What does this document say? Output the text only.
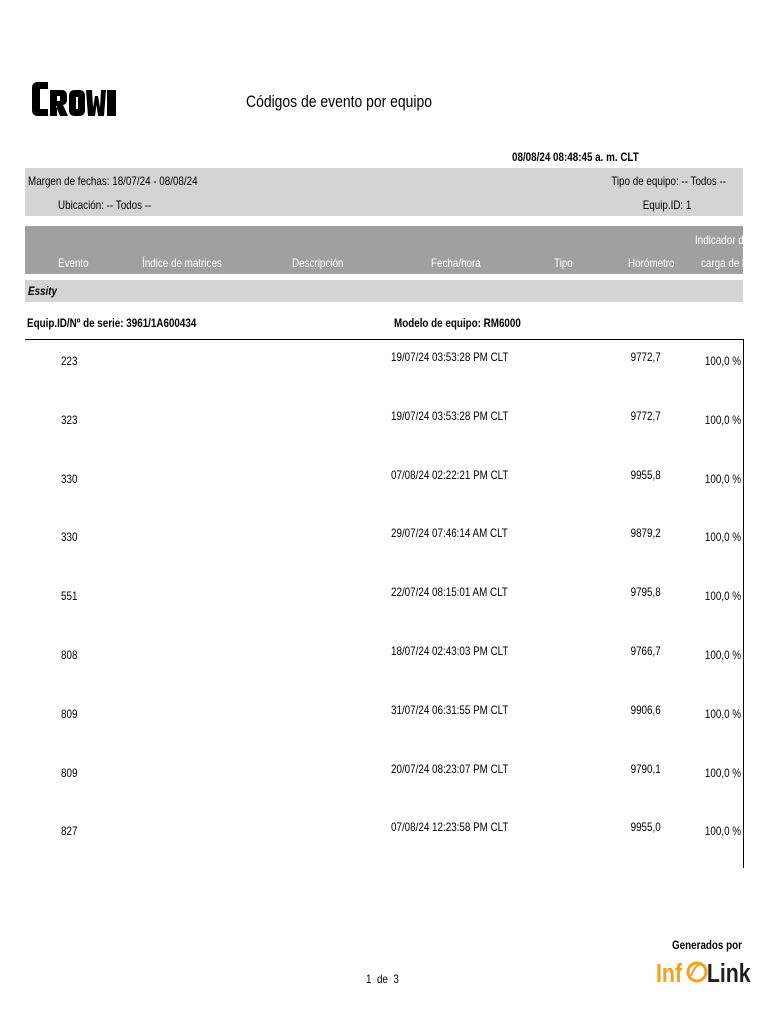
CROWN
Códigos de evento por equipo
08/08/24 08:48:45 a. m. CLT
Margen de fechas: 18/07/24 - 08/08/24
Ubicación: -- Todos --
Tipo de equipo: -- Todos --
Equip.ID: 1
Evento	Índice de matrices	Descripción	Fecha/hora	Tipo	Horómetro
Indicador de
carga de la
Essity
Equip.ID/Nº de serie: 3961/1A600434	Modelo de equipo: RM6000
223	19/07/24 03:53:28 PM CLT	9772,7	100,0 %
323	19/07/24 03:53:28 PM CLT	9772,7	100,0 %
330	07/08/24 02:22:21 PM CLT	9955,8	100,0 %
330	29/07/24 07:46:14 AM CLT	9879,2	100,0 %
551	22/07/24 08:15:01 AM CLT	9795,8	100,0 %
808	18/07/24 02:43:03 PM CLT	9766,7	100,0 %
809	31/07/24 06:31:55 PM CLT	9906,6	100,0 %
809	20/07/24 08:23:07 PM CLT	9790,1	100,0 %
827	07/08/24 12:23:58 PM CLT	9955,0	100,0 %
1 de 3
Generados por
Inf Link
